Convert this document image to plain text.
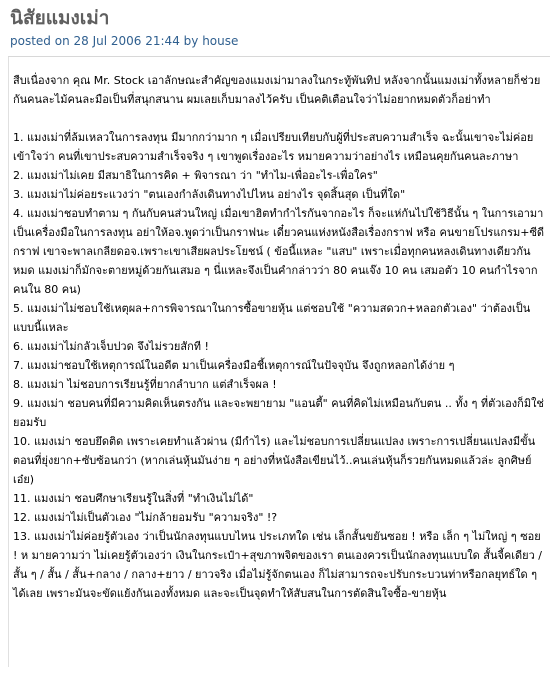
นิสัยแมงเม่า
posted on 28 Jul 2006 21:44 by house

สืบเนื่องจาก คุณ Mr. Stock เอาลักษณะสำคัญของแมงเม่ามาลงในกระทู้พันทิป หลังจากนั้นแมงเม่าทั้งหลายก็ช่วยกันคนละไม้คนละมือเป็นที่สนุกสนาน ผมเลยเก็บมาลงไว้ครับ เป็นคติเตือนใจว่าไม่อยากหมดตัวก็อย่าทำ

1. แมงเม่าที่ล้มเหลวในการลงทุน มีมากกว่ามาก ๆ เมื่อเปรียบเทียบกับผู้ที่ประสบความสำเร็จ ฉะนั้นเขาจะไม่ค่อยเข้าใจว่า คนที่เขาประสบความสำเร็จจริง ๆ เขาพูดเรื่องอะไร หมายความว่าอย่างไร เหมือนคุยกันคนละภาษา

2. แมงเม่าไม่เคย มีสมาธิในการคิด + พิจารณา ว่า "ทำไม-เพื่ออะไร-เพื่อใคร"

3. แมงเม่าไม่ค่อยระแวงว่า "ตนเองกำลังเดินทางไปไหน อย่างไร จุดสิ้นสุด เป็นที่ใด"

4. แมงเม่าชอบทำตาม ๆ กันกับคนส่วนใหญ่ เมื่อเขาฮิตทำกำไรกันจากอะไร ก็จะแห่กันไปใช้วิธีนั้น ๆ ในการเอามาเป็นเครื่องมือในการลงทุน อย่าให้อจ.พูดว่าเป็นกราฟนะ เดี๋ยวคนแห่งหนังสือเรื่องกราฟ หรือ คนขายโปรแกรม+ซีดี กราฟ เขาจะพาลเกลียดอจ.เพราะเขาเสียผลประโยชน์ ( ข้อนี้แหละ "แสบ" เพราะเมื่อทุกคนหลงเดินทางเดียวกันหมด แมงเม่าก็มักจะตายหมู่ด้วยกันเสมอ ๆ นี่แหละจึงเป็นคำกล่าวว่า 80 คนเจ๊ง 10 คน เสมอตัว 10 คนกำไรจากคนใน 80 คน)

5. แมงเม่าไม่ชอบใช้เหตุผล+การพิจารณาในการซื้อขายหุ้น แต่ชอบใช้ "ความสดวก+หลอกตัวเอง" ว่าต้องเป็นแบบนี้แหละ

6. แมงเม่าไม่กลัวเจ็บปวด จึงไม่รวยสักที !

7. แมงเม่าชอบใช้เหตุการณ์ในอดีต มาเป็นเครื่องมือชี้เหตุการณ์ในปัจจุบัน จึงถูกหลอกได้ง่าย ๆ

8. แมงเม่า ไม่ชอบการเรียนรู้ที่ยากลำบาก แต่สำเร็จผล !

9. แมงเม่า ชอบคนที่มีความคิดเห็นตรงกัน และจะพยายาม "แอนตี้" คนที่คิดไม่เหมือนกับตน .. ทั้ง ๆ ที่ตัวเองก็มิใช่ยอมรับ

10. แมงเม่า ชอบยึดติด เพราะเคยทำแล้วผ่าน (มีกำไร) และไม่ชอบการเปลี่ยนแปลง เพราะการเปลี่ยนแปลงมีขั้นตอนที่ยุ่งยาก+ซับซ้อนกว่า (หากเล่นหุ้นมันง่าย ๆ อย่างที่หนังสือเขียนไว้..คนเล่นหุ้นก็รวยกันหมดแล้วล่ะ ลูกศิษย์เอ๋ย)

11. แมงเม่า ชอบศึกษาเรียนรู้ในสิ่งที่ "ทำเงินไม่ได้"

12. แมงเม่าไม่เป็นตัวเอง "ไม่กล้ายอมรับ "ความจริง" !?

13. แมงเม่าไม่ค่อยรู้ตัวเอง ว่าเป็นนักลงทุนแบบไหน ประเภทใด เช่น เล็กสั้นขยันซอย ! หรือ เล็ก ๆ ไม่ใหญ่ ๆ ซอย ! ห มายความว่า ไม่เคยรู้ตัวเองว่า เงินในกระเป๋า+สุขภาพจิตของเรา ตนเองควรเป็นนักลงทุนแบบใด สั้นจี้คเดียว / สั้น ๆ / สั้น / สั้น+กลาง / กลาง+ยาว / ยาวจริง เมื่อไม่รู้จักตนเอง ก็ไม่สามารถจะปรับกระบวนท่าหรือกลยุทธ์ใด ๆ ได้เลย เพราะมันจะขัดแย้งกันเองทั้งหมด และจะเป็นจุดทำให้สับสนในการตัดสินใจซื้อ-ขายหุ้น
